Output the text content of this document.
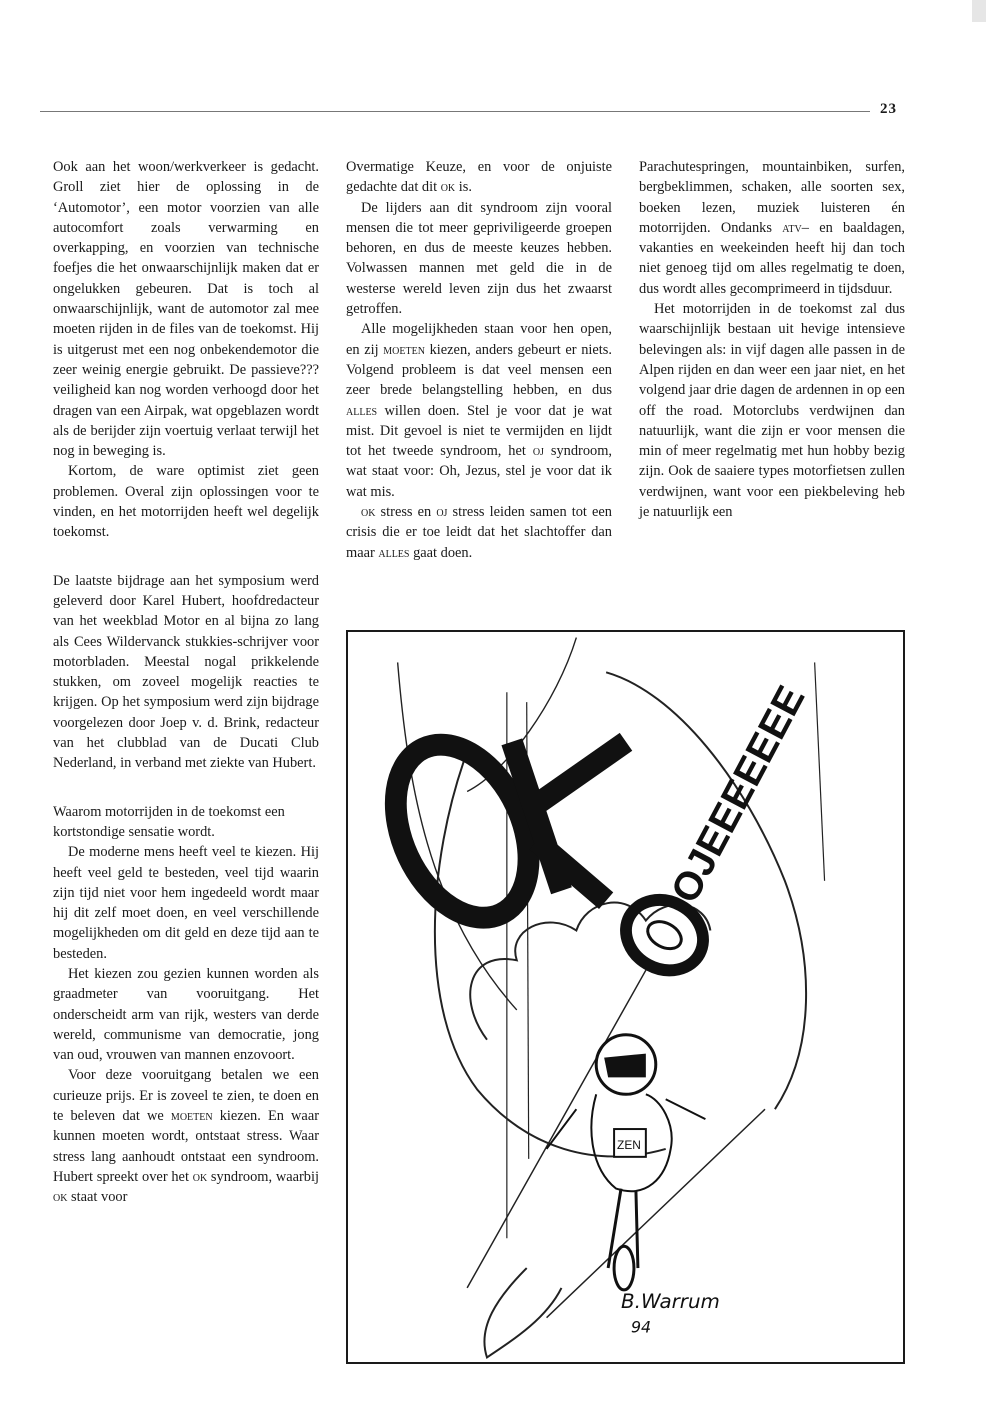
23

Ook aan het woon/werkverkeer is gedacht. Groll ziet hier de oplossing in de ‘Automotor’, een motor voorzien van alle autocomfort zoals verwarming en overkapping, en voorzien van technische foefjes die het onwaarschijnlijk maken dat er ongelukken gebeuren. Dat is toch al onwaarschijnlijk, want de automotor zal mee moeten rijden in de files van de toekomst. Hij is uitgerust met een nog onbekendemotor die zeer weinig energie gebruikt. De passieve??? veiligheid kan nog worden verhoogd door het dragen van een Airpak, wat opgeblazen wordt als de berijder zijn voertuig verlaat terwijl het nog in beweging is.

Kortom, de ware optimist ziet geen problemen. Overal zijn oplossingen voor te vinden, en het motorrijden heeft wel degelijk toekomst.

De laatste bijdrage aan het symposium werd geleverd door Karel Hubert, hoofdredacteur van het weekblad Motor en al bijna zo lang als Cees Wildervanck stukkies-schrijver voor motorbladen. Meestal nogal prikkelende stukken, om zoveel mogelijk reacties te krijgen. Op het symposium werd zijn bijdrage voorgelezen door Joep v. d. Brink, redacteur van het clubblad van de Ducati Club Nederland, in verband met ziekte van Hubert.

Waarom motorrijden in de toekomst een kortstondige sensatie wordt.

De moderne mens heeft veel te kiezen. Hij heeft veel geld te besteden, veel tijd waarin zijn tijd niet voor hem ingedeeld wordt maar hij dit zelf moet doen, en veel verschillende mogelijkheden om dit geld en deze tijd aan te besteden.

Het kiezen zou gezien kunnen worden als graadmeter van vooruitgang. Het onderscheidt arm van rijk, westers van derde wereld, communisme van democratie, jong van oud, vrouwen van mannen enzovoort.

Voor deze vooruitgang betalen we een curieuze prijs. Er is zoveel te zien, te doen en te beleven dat we moeten kiezen. En waar kunnen moeten wordt, ontstaat stress. Waar stress lang aanhoudt ontstaat een syndroom. Hubert spreekt over het ok syndroom, waarbij ok staat voor

Overmatige Keuze, en voor de onjuiste gedachte dat dit ok is.

De lijders aan dit syndroom zijn vooral mensen die tot meer gepriviligeerde groepen behoren, en dus de meeste keuzes hebben. Volwassen mannen met geld die in de westerse wereld leven zijn dus het zwaarst getroffen.

Alle mogelijkheden staan voor hen open, en zij moeten kiezen, anders gebeurt er niets. Volgend probleem is dat veel mensen een zeer brede belangstelling hebben, en dus alles willen doen. Stel je voor dat je wat mist. Dit gevoel is niet te vermijden en lijdt tot het tweede syndroom, het oj syndroom, wat staat voor: Oh, Jezus, stel je voor dat ik wat mis.

ok stress en oj stress leiden samen tot een crisis die er toe leidt dat het slachtoffer dan maar alles gaat doen.

Parachutespringen, mountainbiken, surfen, bergbeklimmen, schaken, alle soorten sex, boeken lezen, muziek luisteren én motorrijden. Ondanks atv– en baaldagen, vakanties en weekeinden heeft hij dan toch niet genoeg tijd om alles regelmatig te doen, dus wordt alles gecomprimeerd in tijdsduur.

Het motorrijden in de toekomst zal dus waarschijnlijk bestaan uit hevige intensieve belevingen als: in vijf dagen alle passen in de Alpen rijden en dan weer een jaar niet, en het volgend jaar drie dagen de ardennen in op een off the road. Motorclubs verdwijnen dan natuurlijk, want die zijn er voor mensen die min of meer regelmatig met hun hobby bezig zijn. Ook de saaiere types motorfietsen zullen verdwijnen, want voor een piekbeleving heb je natuurlijk een

OJEEEEEEE
ZEN
B.Warrum
94
